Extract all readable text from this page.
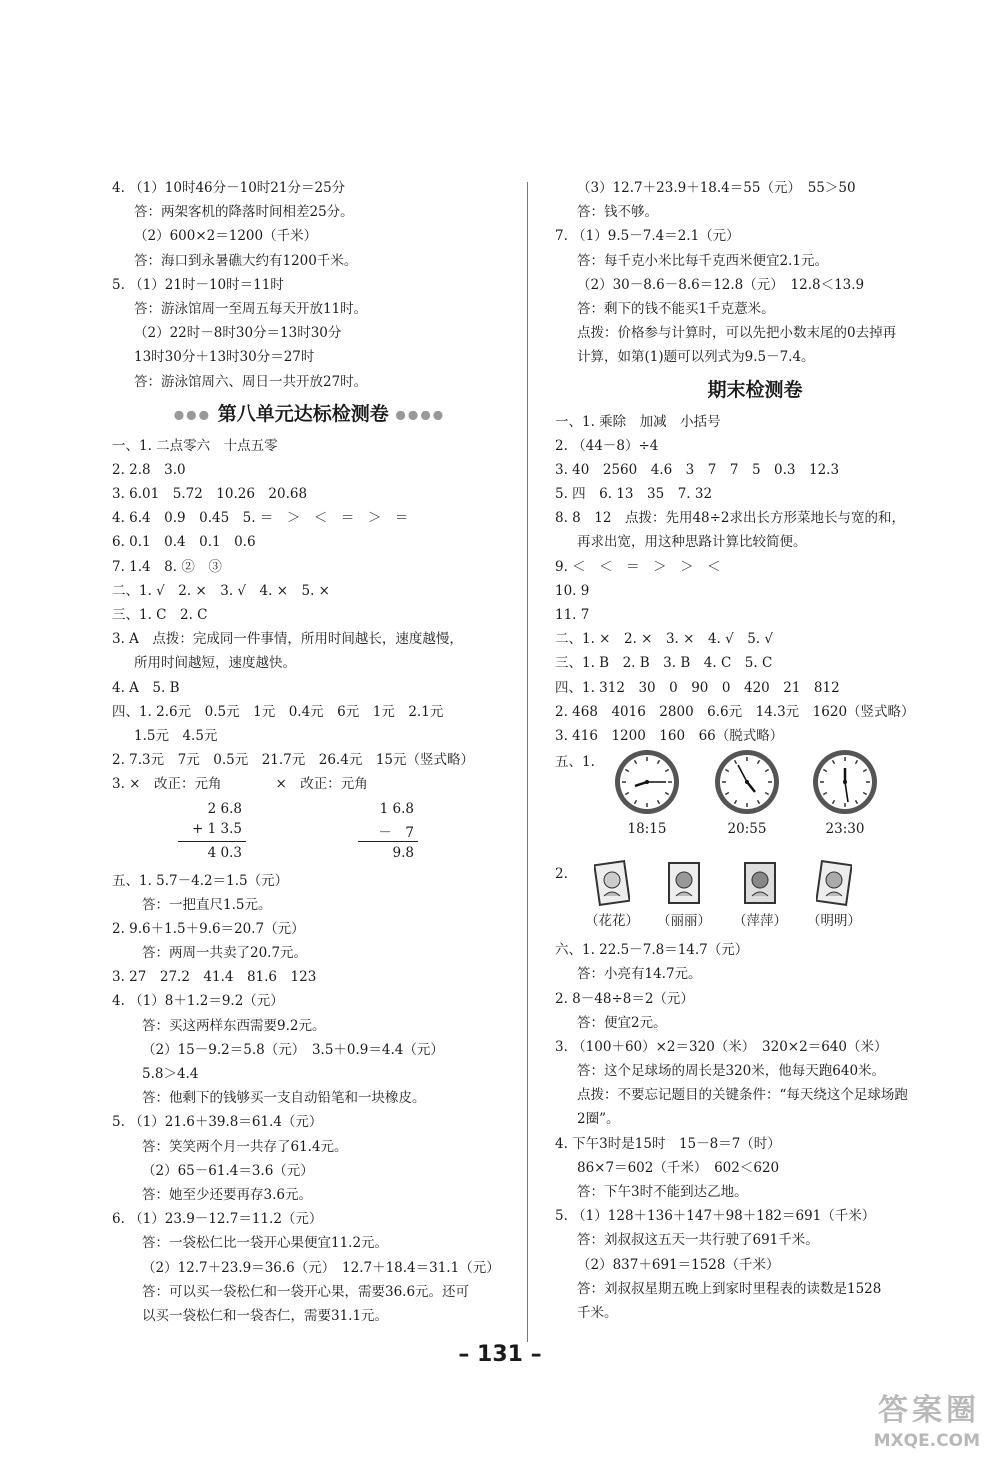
4. （1）10时46分－10时21分＝25分
答：两架客机的降落时间相差25分。
（2）600×2＝1200（千米）
答：海口到永暑礁大约有1200千米。
5. （1）21时－10时＝11时
答：游泳馆周一至周五每天开放11时。
（2）22时－8时30分＝13时30分
13时30分＋13时30分＝27时
答：游泳馆周六、周日一共开放27时。
●●● 第八单元达标检测卷 ●●●●
一、1. 二点零六　十点五零
2. 2.8　3.0
3. 6.01　5.72　10.26　20.68
4. 6.4　0.9　0.45　5. ＝　＞　＜　＝　＞　＝
6. 0.1　0.4　0.1　0.6
7. 1.4　8. ②　③
二、1. √　2. ×　3. √　4. ×　5. ×
三、1. C　2. C
3. A　点拨：完成同一件事情，所用时间越长，速度越慢，
所用时间越短，速度越快。
4. A　5. B
四、1. 2.6元　0.5元　1元　0.4元　6元　1元　2.1元
1.5元　4.5元
2. 7.3元　7元　0.5元　21.7元　26.4元　15元（竖式略）
3. ×　改正：元角　　　　×　改正：元角
2 6.8
+ 1 3.5
4 0.3
1 6.8
－　7
9.8
五、1. 5.7－4.2＝1.5（元）
答：一把直尺1.5元。
2. 9.6＋1.5＋9.6＝20.7（元）
答：两周一共卖了20.7元。
3. 27　27.2　41.4　81.6　123
4. （1）8＋1.2＝9.2（元）
答：买这两样东西需要9.2元。
（2）15－9.2＝5.8（元）　3.5＋0.9＝4.4（元）
5.8＞4.4
答：他剩下的钱够买一支自动铅笔和一块橡皮。
5. （1）21.6＋39.8＝61.4（元）
答：笑笑两个月一共存了61.4元。
（2）65－61.4＝3.6（元）
答：她至少还要再存3.6元。
6. （1）23.9－12.7＝11.2（元）
答：一袋松仁比一袋开心果便宜11.2元。
（2）12.7＋23.9＝36.6（元）　12.7＋18.4＝31.1（元）
答：可以买一袋松仁和一袋开心果，需要36.6元。还可
以买一袋松仁和一袋杏仁，需要31.1元。
（3）12.7＋23.9＋18.4＝55（元）　55＞50
答：钱不够。
7. （1）9.5－7.4＝2.1（元）
答：每千克小米比每千克西米便宜2.1元。
（2）30－8.6－8.6＝12.8（元）　12.8＜13.9
答：剩下的钱不能买1千克薏米。
点拨：价格参与计算时，可以先把小数末尾的0去掉再
计算，如第(1)题可以列式为9.5－7.4。
期末检测卷
一、1. 乘除　加减　小括号
2. （44－8）÷4
3. 40　2560　4.6　3　7　7　5　0.3　12.3
5. 四　6. 13　35　7. 32
8. 8　12　点拨：先用48÷2求出长方形菜地长与宽的和，
再求出宽，用这种思路计算比较简便。
9. ＜　＜　＝　＞　＞　＜
10. 9
11. 7
二、1. ×　2. ×　3. ×　4. √　5. √
三、1. B　2. B　3. B　4. C　5. C
四、1. 312　30　0　90　0　420　21　812
2. 468　4016　2800　6.6元　14.3元　1620（竖式略）
3. 416　1200　160　66（脱式略）
五、1.
18:15	20:55	23:30
2.
（花花）	（丽丽）	（萍萍）	（明明）
六、1. 22.5－7.8＝14.7（元）
答：小亮有14.7元。
2. 8－48÷8＝2（元）
答：便宜2元。
3. （100＋60）×2＝320（米）　320×2＝640（米）
答：这个足球场的周长是320米，他每天跑640米。
点拨：不要忘记题目的关键条件：“每天绕这个足球场跑
2圈”。
4. 下午3时是15时　15－8＝7（时）
86×7＝602（千米）　602＜620
答：下午3时不能到达乙地。
5. （1）128＋136＋147＋98＋182＝691（千米）
答：刘叔叔这五天一共行驶了691千米。
（2）837＋691＝1528（千米）
答：刘叔叔星期五晚上到家时里程表的读数是1528
千米。
– 131 –
答案圈
MXQE.COM
